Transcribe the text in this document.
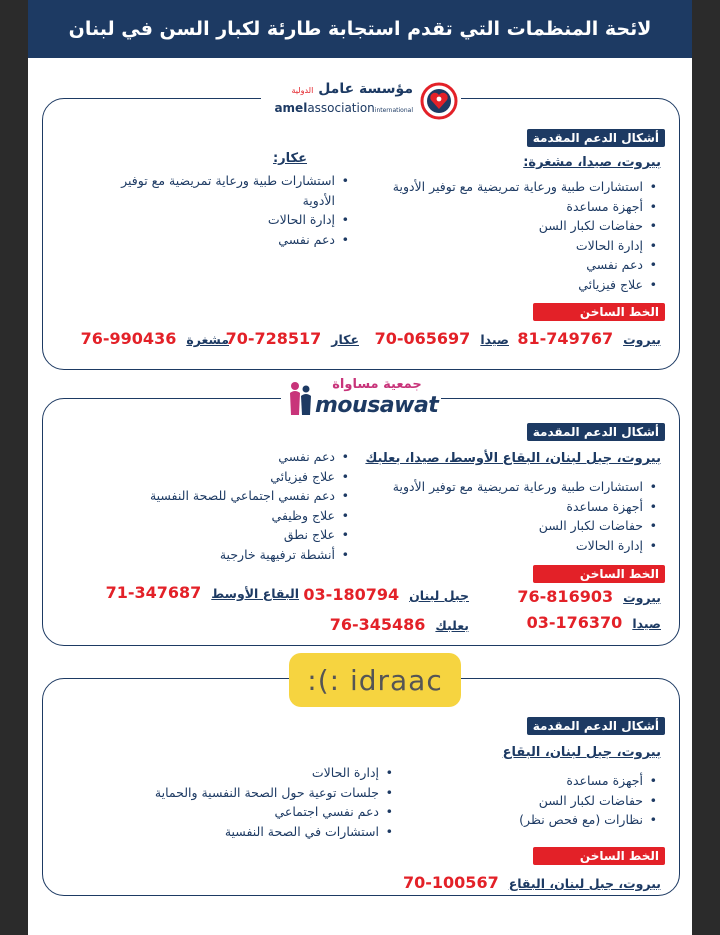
لائحة المنظمات التي تقدم استجابة طارئة لكبار السن في لبنان
مؤسسة عامل الدولية
amelassociationinternational
أشكال الدعم المقدمة
بيروت، صيدا، مشغرة:
• استشارات طبية ورعاية تمريضية مع توفير الأدوية
• أجهزة مساعدة
• حفاضات لكبار السن
• إدارة الحالات
• دعم نفسي
• علاج فيزيائي
عكار:
• استشارات طبية ورعاية تمريضية مع توفير الأدوية
• إدارة الحالات
• دعم نفسي
الخط الساخن
بيروت
81-749767
صيدا
70-065697
عكار
70-728517
مشغرة
76-990436
جمعية مساواة
mousawat
أشكال الدعم المقدمة
بيروت، جبل لبنان، البقاع الأوسط، صيدا، بعلبك
• استشارات طبية ورعاية تمريضية مع توفير الأدوية
• أجهزة مساعدة
• حفاضات لكبار السن
• إدارة الحالات
• دعم نفسي
• علاج فيزيائي
• دعم نفسي اجتماعي للصحة النفسية
• علاج وظيفي
• علاج نطق
• أنشطة ترفيهية خارجية
الخط الساخن
بيروت
76-816903
جبل لبنان
03-180794
البقاع الأوسط
71-347687
صيدا
03-176370
بعلبك
76-345486
:(: idraac
أشكال الدعم المقدمة
بيروت، جبل لبنان، البقاع
• أجهزة مساعدة
• حفاضات لكبار السن
• نظارات (مع فحص نظر)
• إدارة الحالات
• جلسات توعية حول الصحة النفسية والحماية
• دعم نفسي اجتماعي
• استشارات في الصحة النفسية
الخط الساخن
بيروت، جبل لبنان، البقاع
70-100567
